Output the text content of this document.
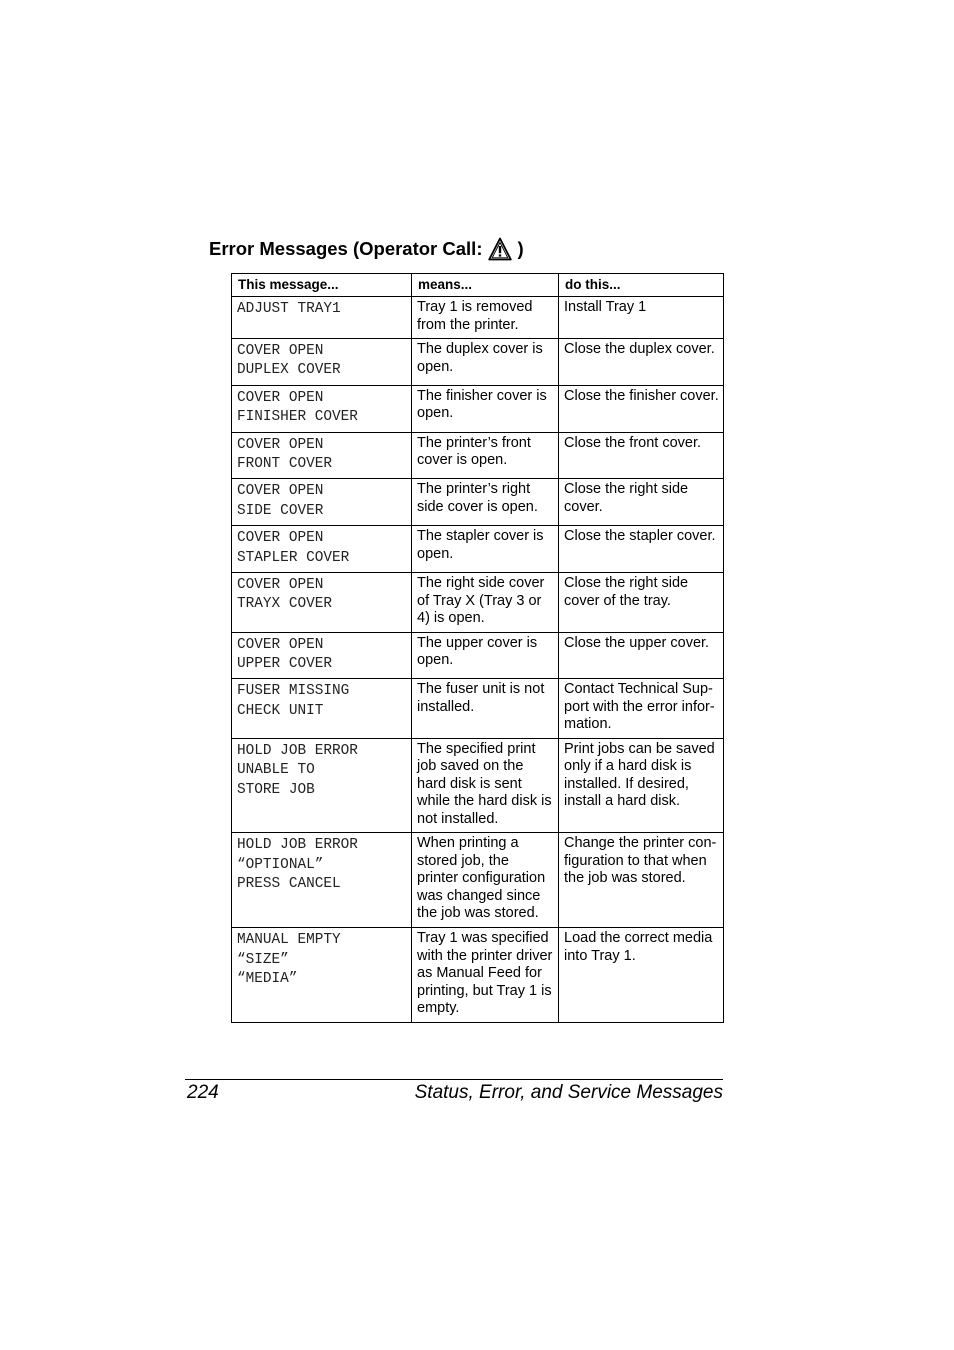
Error Messages (Operator Call: )
This message...	means...	do this...

ADJUST TRAY1	Tray 1 is removed from the printer.	Install Tray 1

COVER OPEN
DUPLEX COVER	The duplex cover is open.	Close the duplex cover.

COVER OPEN
FINISHER COVER	The finisher cover is open.	Close the finisher cover.

COVER OPEN
FRONT COVER	The printer’s front cover is open.	Close the front cover.

COVER OPEN
SIDE COVER	The printer’s right side cover is open.	Close the right side cover.

COVER OPEN
STAPLER COVER	The stapler cover is open.	Close the stapler cover.

COVER OPEN
TRAYX COVER	The right side cover of Tray X (Tray 3 or 4) is open.	Close the right side cover of the tray.

COVER OPEN
UPPER COVER	The upper cover is open.	Close the upper cover.

FUSER MISSING
CHECK UNIT	The fuser unit is not installed.	Contact Technical Sup-port with the error infor-mation.

HOLD JOB ERROR
UNABLE TO
STORE JOB	The specified print job saved on the hard disk is sent while the hard disk is not installed.	Print jobs can be saved only if a hard disk is installed. If desired, install a hard disk.

HOLD JOB ERROR
“OPTIONAL”
PRESS CANCEL	When printing a stored job, the printer configuration was changed since the job was stored.	Change the printer con-figuration to that when the job was stored.

MANUAL EMPTY
“SIZE”
“MEDIA”	Tray 1 was specified with the printer driver as Manual Feed for printing, but Tray 1 is empty.	Load the correct media into Tray 1.
224	Status, Error, and Service Messages
